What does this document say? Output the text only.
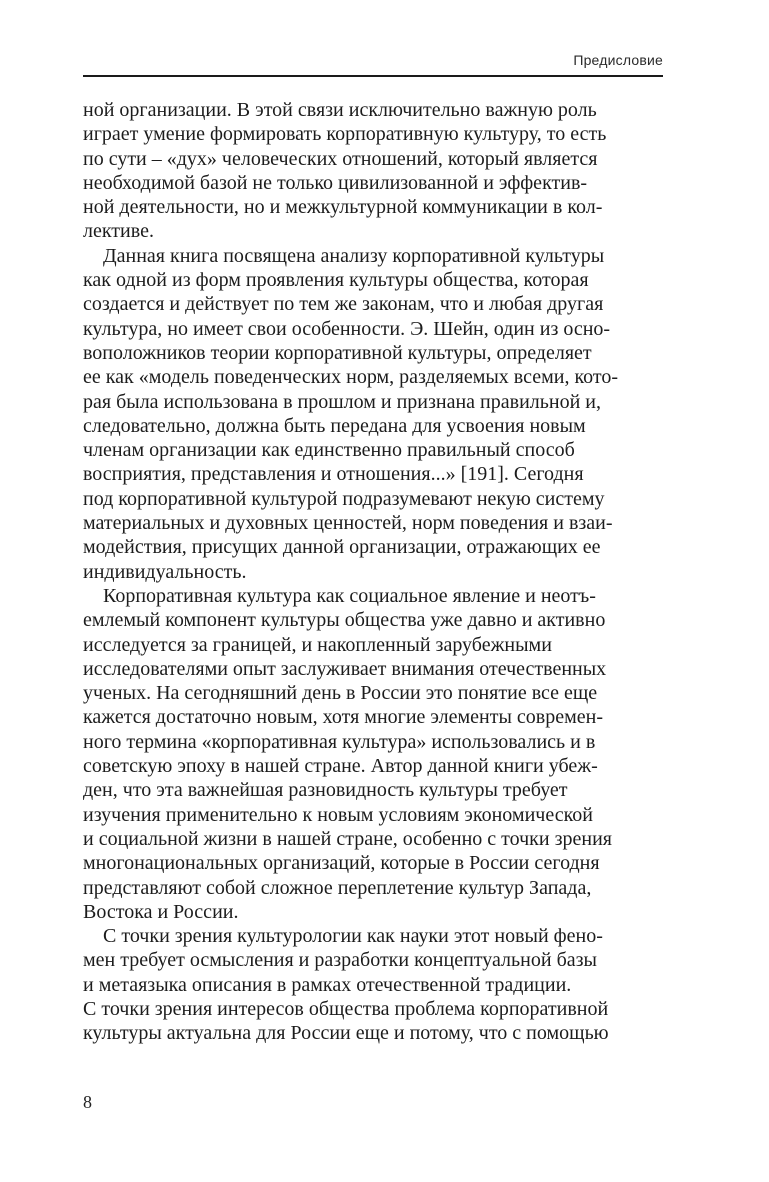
Предисловие

ной организации. В этой связи исключительно важную роль
играет умение формировать корпоративную культуру, то есть
по сути – «дух» человеческих отношений, который является
необходимой базой не только цивилизованной и эффектив-
ной деятельности, но и межкультурной коммуникации в кол-
лективе.

Данная книга посвящена анализу корпоративной культуры
как одной из форм проявления культуры общества, которая
создается и действует по тем же законам, что и любая другая
культура, но имеет свои особенности. Э. Шейн, один из осно-
воположников теории корпоративной культуры, определяет
ее как «модель поведенческих норм, разделяемых всеми, кото-
рая была использована в прошлом и признана правильной и,
следовательно, должна быть передана для усвоения новым
членам организации как единственно правильный способ
восприятия, представления и отношения...» [191]. Сегодня
под корпоративной культурой подразумевают некую систему
материальных и духовных ценностей, норм поведения и взаи-
модействия, присущих данной организации, отражающих ее
индивидуальность.

Корпоративная культура как социальное явление и неотъ-
емлемый компонент культуры общества уже давно и активно
исследуется за границей, и накопленный зарубежными
исследователями опыт заслуживает внимания отечественных
ученых. На сегодняшний день в России это понятие все еще
кажется достаточно новым, хотя многие элементы современ-
ного термина «корпоративная культура» использовались и в
советскую эпоху в нашей стране. Автор данной книги убеж-
ден, что эта важнейшая разновидность культуры требует
изучения применительно к новым условиям экономической
и социальной жизни в нашей стране, особенно с точки зрения
многонациональных организаций, которые в России сегодня
представляют собой сложное переплетение культур Запада,
Востока и России.

С точки зрения культурологии как науки этот новый фено-
мен требует осмысления и разработки концептуальной базы
и метаязыка описания в рамках отечественной традиции.
С точки зрения интересов общества проблема корпоративной
культуры актуальна для России еще и потому, что с помощью

8
